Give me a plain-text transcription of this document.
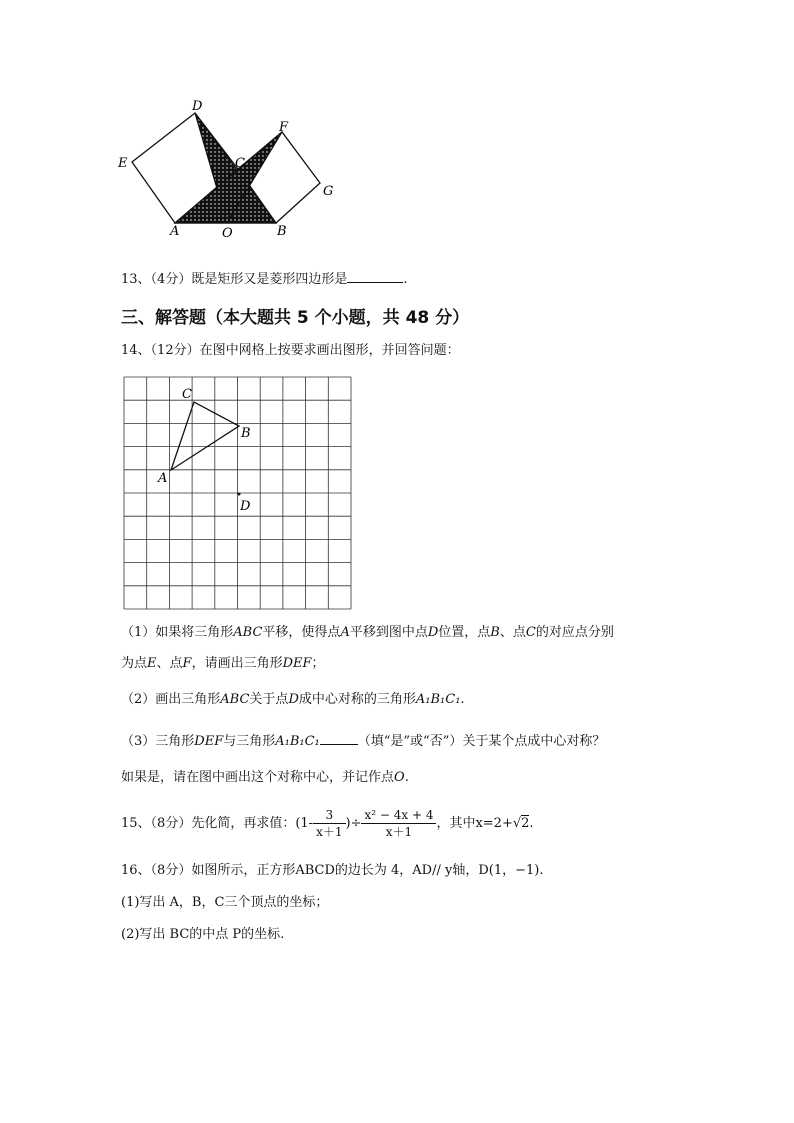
D
F
E	C
G
A	O	B
13、（4分）既是矩形又是菱形四边形是	.
三、解答题（本大题共 5 个小题，共 48 分）
14、（12分）在图中网格上按要求画出图形，并回答问题：
C
B
A
D
（1）如果将三角形ABC平移，使得点A平移到图中点D位置，点B、点C的对应点分别
为点E、点F，请画出三角形DEF；
（2）画出三角形ABC关于点D成中心对称的三角形A₁B₁C₁.
（3）三角形DEF与三角形A₁B₁C₁	（填“是”或“否”）关于某个点成中心对称？
如果是，请在图中画出这个对称中心，并记作点O.
15、（8分）先化简，再求值：($1- \frac{3}{x+1}$ )÷ $\frac{\text{x² − 4x + 4}}{x+1}$ ，其中x=2+√2.
16、（8分）如图所示，正方形ABCD的边长为 4，AD// y轴，D(1，−1).
(1)写出 A，B，C三个顶点的坐标；
(2)写出 BC的中点 P的坐标.
